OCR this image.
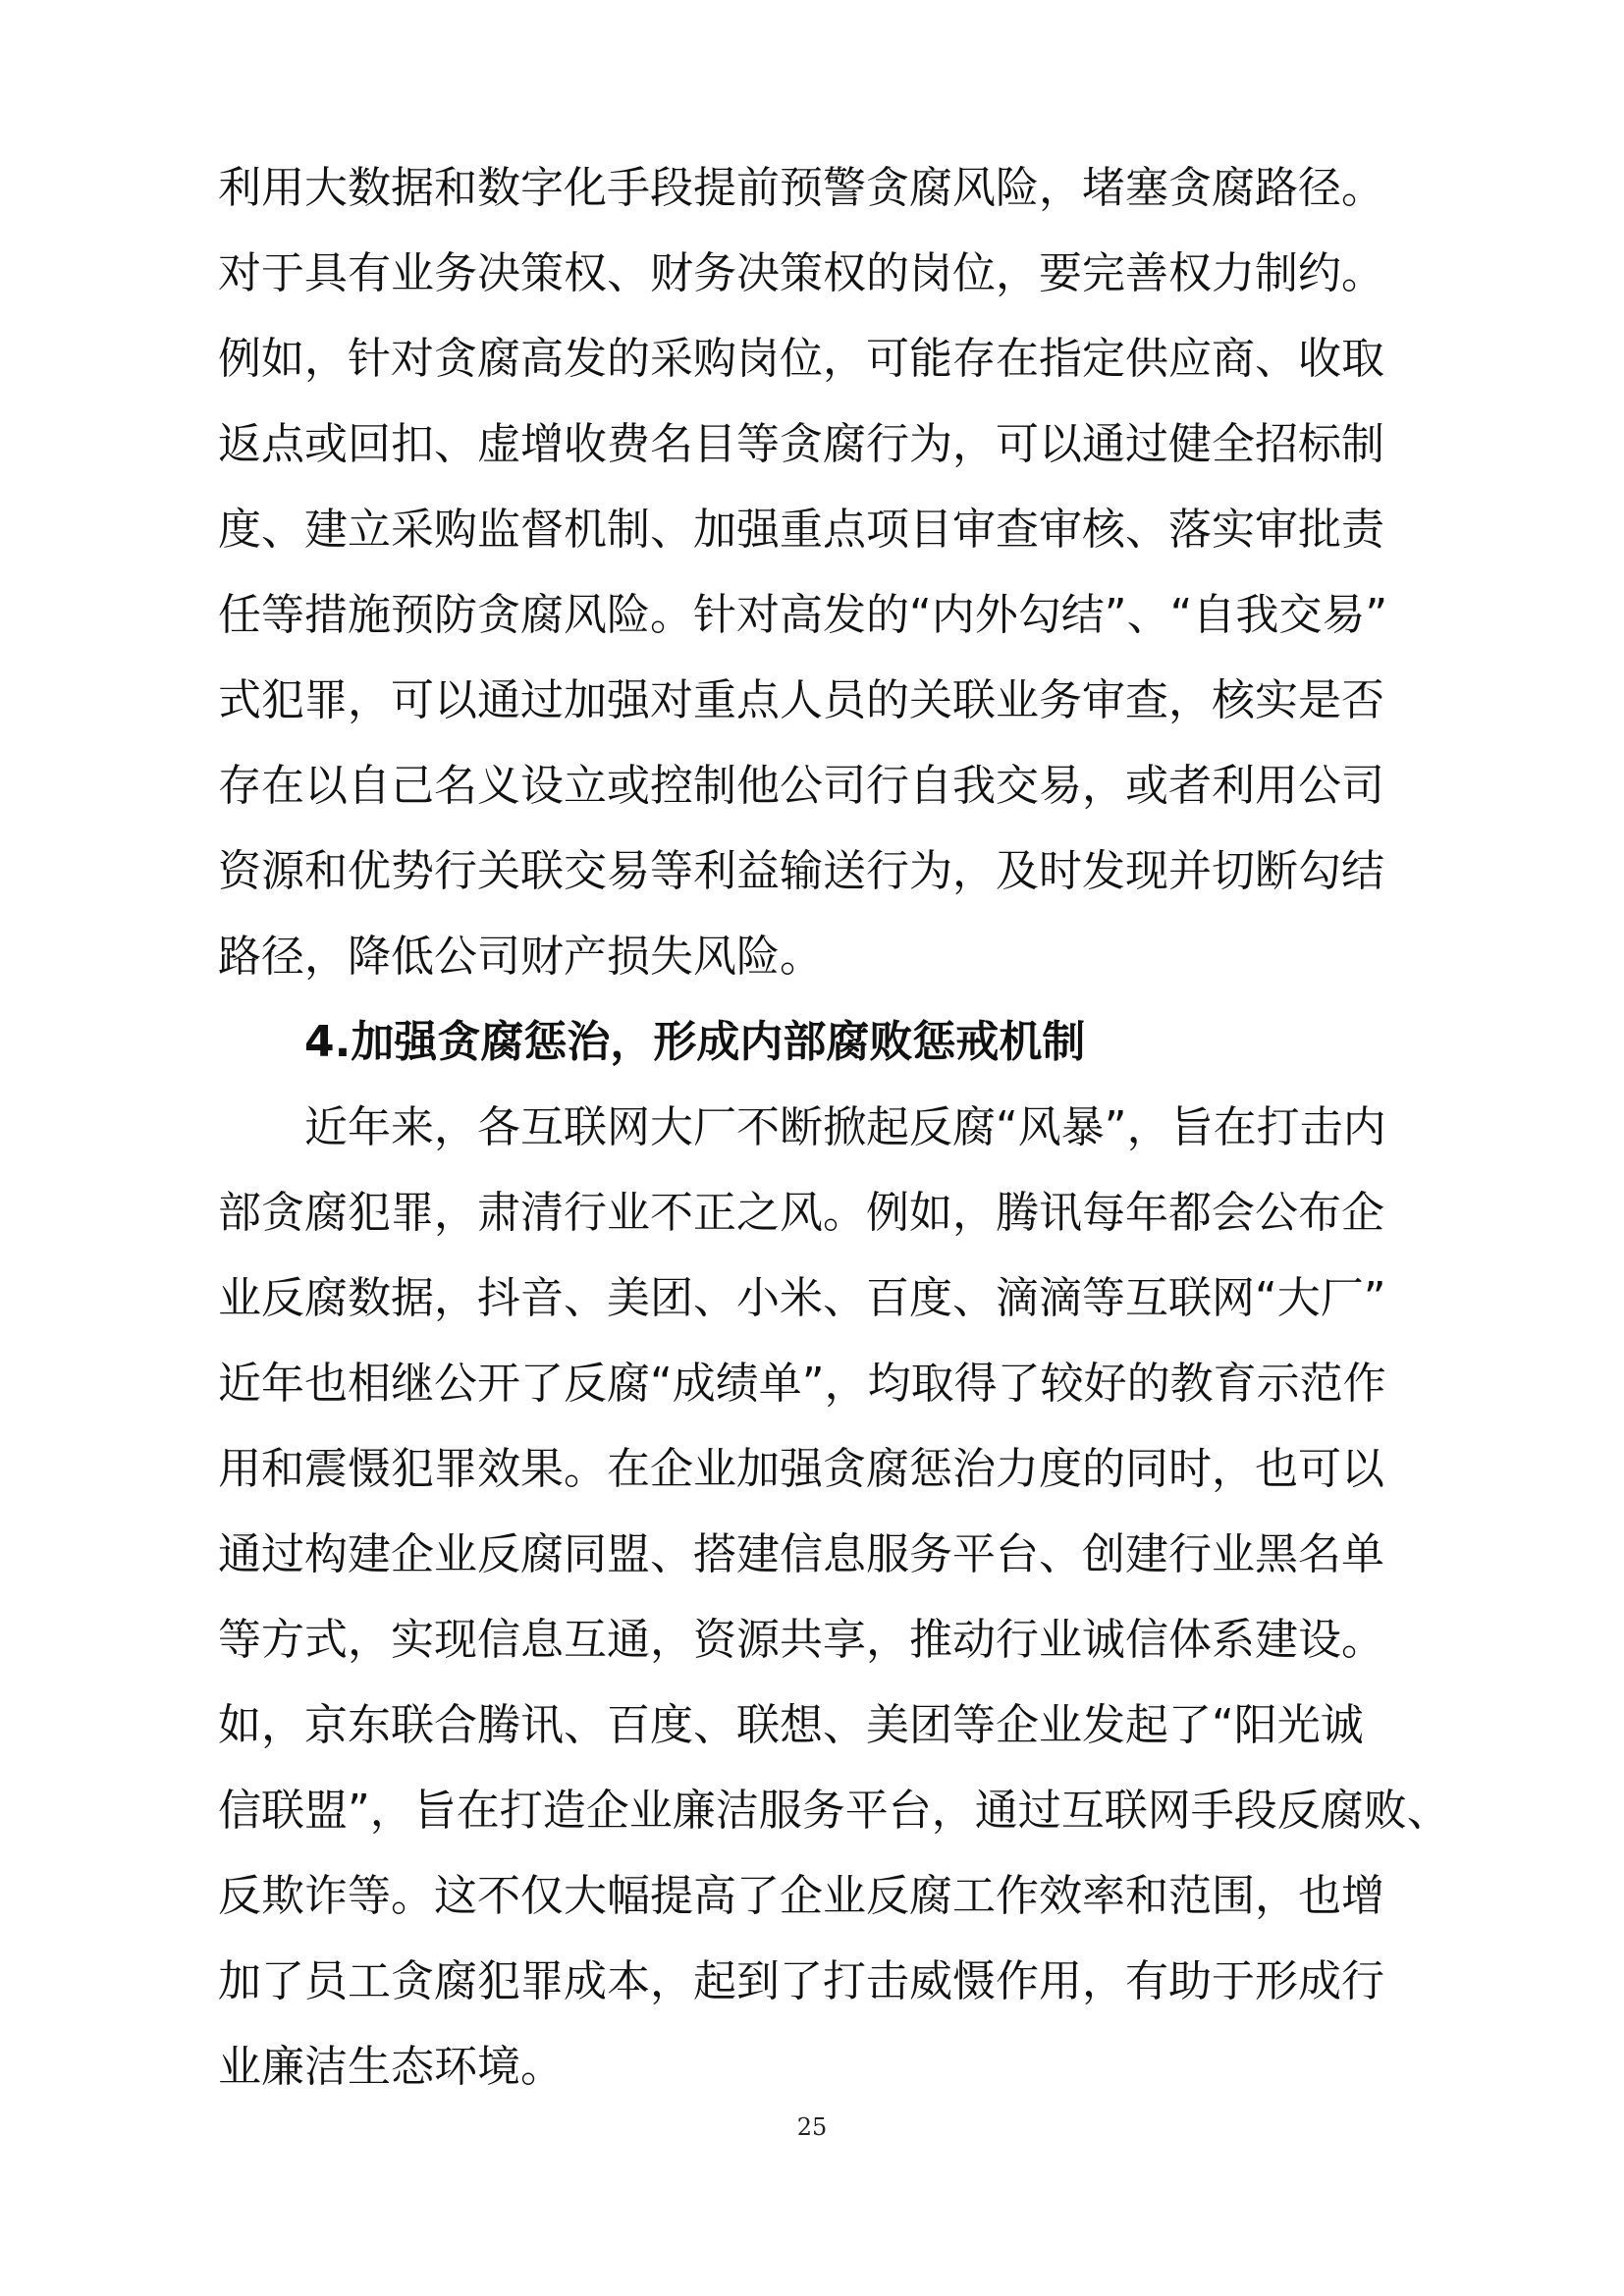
利用大数据和数字化手段提前预警贪腐风险，堵塞贪腐路径。
对于具有业务决策权、财务决策权的岗位，要完善权力制约。
例如，针对贪腐高发的采购岗位，可能存在指定供应商、收取
返点或回扣、虚增收费名目等贪腐行为，可以通过健全招标制
度、建立采购监督机制、加强重点项目审查审核、落实审批责
任等措施预防贪腐风险。针对高发的“内外勾结”、“自我交易”
式犯罪，可以通过加强对重点人员的关联业务审查，核实是否
存在以自己名义设立或控制他公司行自我交易，或者利用公司
资源和优势行关联交易等利益输送行为，及时发现并切断勾结
路径，降低公司财产损失风险。
4.加强贪腐惩治，形成内部腐败惩戒机制
近年来，各互联网大厂不断掀起反腐“风暴”，旨在打击内
部贪腐犯罪，肃清行业不正之风。例如，腾讯每年都会公布企
业反腐数据，抖音、美团、小米、百度、滴滴等互联网“大厂”
近年也相继公开了反腐“成绩单”，均取得了较好的教育示范作
用和震慑犯罪效果。在企业加强贪腐惩治力度的同时，也可以
通过构建企业反腐同盟、搭建信息服务平台、创建行业黑名单
等方式，实现信息互通，资源共享，推动行业诚信体系建设。
如，京东联合腾讯、百度、联想、美团等企业发起了“阳光诚
信联盟”，旨在打造企业廉洁服务平台，通过互联网手段反腐败、
反欺诈等。这不仅大幅提高了企业反腐工作效率和范围，也增
加了员工贪腐犯罪成本，起到了打击威慑作用，有助于形成行
业廉洁生态环境。
25
